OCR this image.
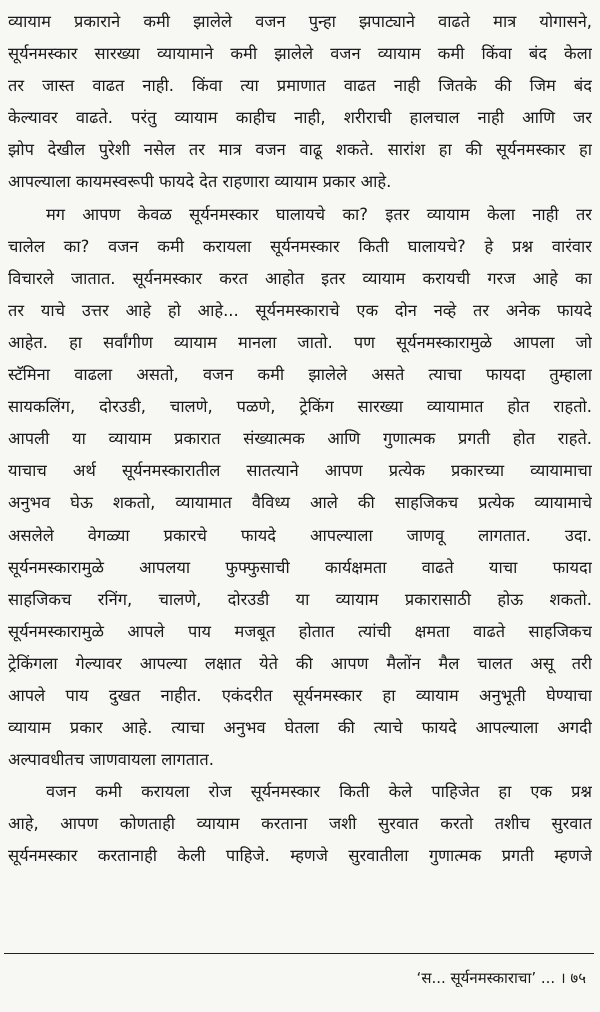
व्यायाम प्रकाराने कमी झालेले वजन पुन्हा झपाट्याने वाढते मात्र योगासने,
सूर्यनमस्कार सारख्या व्यायामाने कमी झालेले वजन व्यायाम कमी किंवा बंद केला
तर जास्त वाढत नाही. किंवा त्या प्रमाणात वाढत नाही जितके की जिम बंद
केल्यावर वाढते. परंतु व्यायाम काहीच नाही, शरीराची हालचाल नाही आणि जर
झोप देखील पुरेशी नसेल तर मात्र वजन वाढू शकते. सारांश हा की सूर्यनमस्कार हा
आपल्याला कायमस्वरूपी फायदे देत राहणारा व्यायाम प्रकार आहे.
मग आपण केवळ सूर्यनमस्कार घालायचे का? इतर व्यायाम केला नाही तर
चालेल का? वजन कमी करायला सूर्यनमस्कार किती घालायचे? हे प्रश्न वारंवार
विचारले जातात. सूर्यनमस्कार करत आहोत इतर व्यायाम करायची गरज आहे का
तर याचे उत्तर आहे हो आहे... सूर्यनमस्काराचे एक दोन नव्हे तर अनेक फायदे
आहेत. हा सर्वांगीण व्यायाम मानला जातो. पण सूर्यनमस्कारामुळे आपला जो
स्टॅमिना वाढला असतो, वजन कमी झालेले असते त्याचा फायदा तुम्हाला
सायकलिंग, दोरउडी, चालणे, पळणे, ट्रेकिंग सारख्या व्यायामात होत राहतो.
आपली या व्यायाम प्रकारात संख्यात्मक आणि गुणात्मक प्रगती होत राहते.
याचाच अर्थ सूर्यनमस्कारातील सातत्याने आपण प्रत्येक प्रकारच्या व्यायामाचा
अनुभव घेऊ शकतो, व्यायामात वैविध्य आले की साहजिकच प्रत्येक व्यायामाचे
असलेले वेगळ्या प्रकारचे फायदे आपल्याला जाणवू लागतात. उदा.
सूर्यनमस्कारामुळे आपलया फुफ्फुसाची कार्यक्षमता वाढते याचा फायदा
साहजिकच रनिंग, चालणे, दोरउडी या व्यायाम प्रकारासाठी होऊ शकतो.
सूर्यनमस्कारामुळे आपले पाय मजबूत होतात त्यांची क्षमता वाढते साहजिकच
ट्रेकिंगला गेल्यावर आपल्या लक्षात येते की आपण मैलोंन मैल चालत असू तरी
आपले पाय दुखत नाहीत. एकंदरीत सूर्यनमस्कार हा व्यायाम अनुभूती घेण्याचा
व्यायाम प्रकार आहे. त्याचा अनुभव घेतला की त्याचे फायदे आपल्याला अगदी
अल्पावधीतच जाणवायला लागतात.
वजन कमी करायला रोज सूर्यनमस्कार किती केले पाहिजेत हा एक प्रश्न
आहे, आपण कोणताही व्यायाम करताना जशी सुरवात करतो तशीच सुरवात
सूर्यनमस्कार करतानाही केली पाहिजे. म्हणजे सुरवातीला गुणात्मक प्रगती म्हणजे
‘स... सूर्यनमस्काराचा’ ... । ७५
